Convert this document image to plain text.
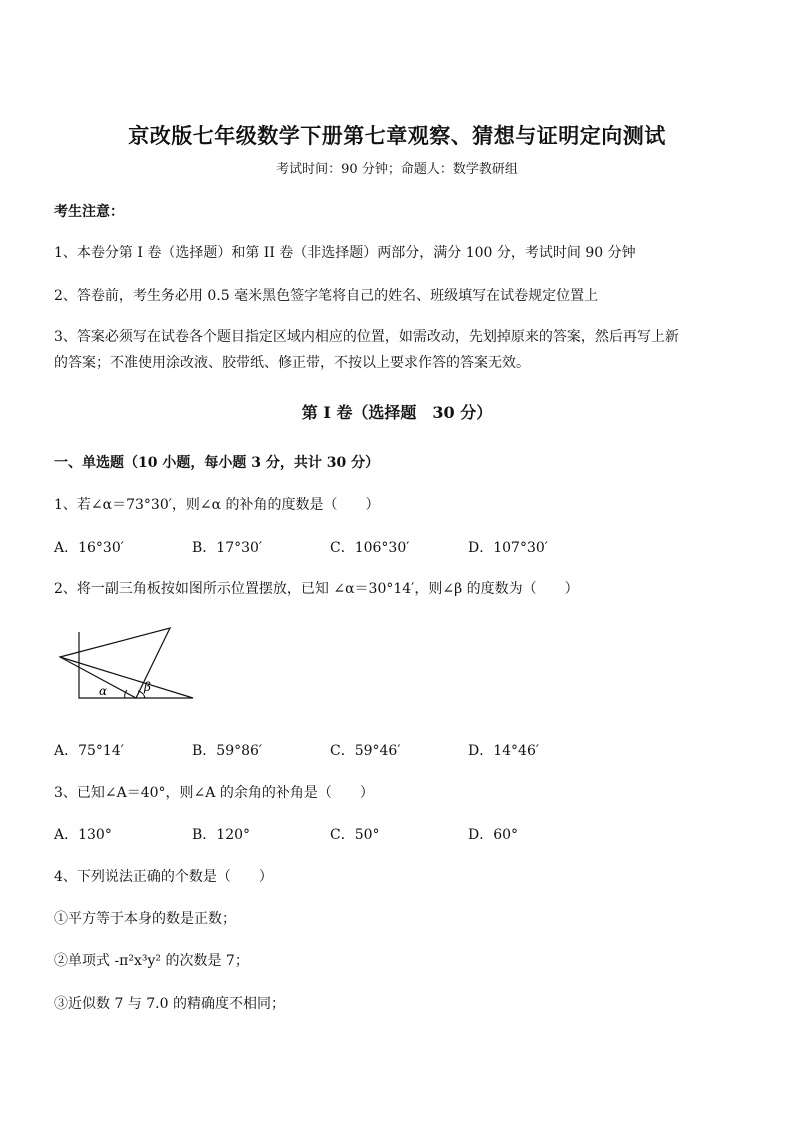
京改版七年级数学下册第七章观察、猜想与证明定向测试
考试时间：90 分钟；命题人：数学教研组
考生注意：
1、本卷分第 I 卷（选择题）和第 II 卷（非选择题）两部分，满分 100 分，考试时间 90 分钟
2、答卷前，考生务必用 0.5 毫米黑色签字笔将自己的姓名、班级填写在试卷规定位置上
3、答案必须写在试卷各个题目指定区域内相应的位置，如需改动，先划掉原来的答案，然后再写上新
的答案；不准使用涂改液、胶带纸、修正带，不按以上要求作答的答案无效。
第 I 卷（选择题　30 分）
一、单选题（10 小题，每小题 3 分，共计 30 分）
1、若∠α＝73°30′，则∠α 的补角的度数是（　　）
A．16°30′	B．17°30′	C．106°30′	D．107°30′
2、将一副三角板按如图所示位置摆放，已知 ∠α＝30°14′，则∠β 的度数为（　　）
α	β
A．75°14′	B．59°86′	C．59°46′	D．14°46′
3、已知∠A＝40°，则∠A 的余角的补角是（　　）
A．130°	B．120°	C．50°	D．60°
4、下列说法正确的个数是（　　）
①平方等于本身的数是正数；
②单项式 -π²x³y² 的次数是 7；
③近似数 7 与 7.0 的精确度不相同；
